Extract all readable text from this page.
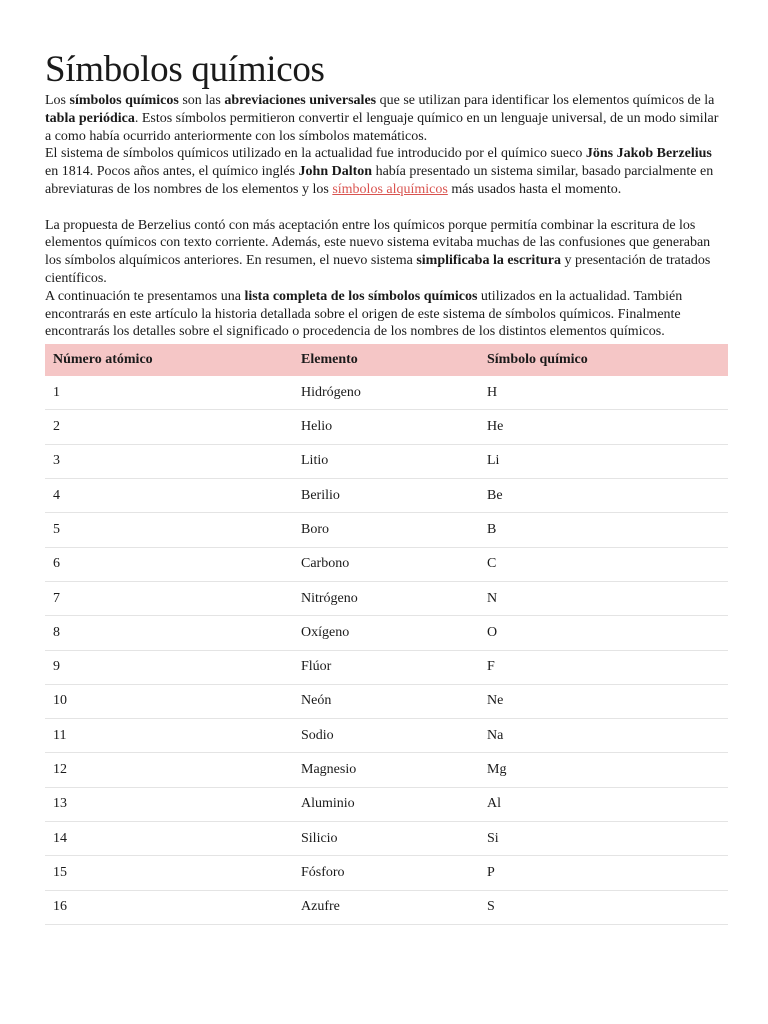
Símbolos químicos

Los símbolos químicos son las abreviaciones universales que se utilizan para identificar los elementos químicos de la tabla periódica. Estos símbolos permitieron convertir el lenguaje químico en un lenguaje universal, de un modo similar a como había ocurrido anteriormente con los símbolos matemáticos.

El sistema de símbolos químicos utilizado en la actualidad fue introducido por el químico sueco Jöns Jakob Berzelius en 1814. Pocos años antes, el químico inglés John Dalton había presentado un sistema similar, basado parcialmente en abreviaturas de los nombres de los elementos y los símbolos alquímicos más usados hasta el momento.

La propuesta de Berzelius contó con más aceptación entre los químicos porque permitía combinar la escritura de los elementos químicos con texto corriente. Además, este nuevo sistema evitaba muchas de las confusiones que generaban los símbolos alquímicos anteriores. En resumen, el nuevo sistema simplificaba la escritura y presentación de tratados científicos.

A continuación te presentamos una lista completa de los símbolos químicos utilizados en la actualidad. También encontrarás en este artículo la historia detallada sobre el origen de este sistema de símbolos químicos. Finalmente encontrarás los detalles sobre el significado o procedencia de los nombres de los distintos elementos químicos.

Número atómico	Elemento	Símbolo químico
1	Hidrógeno	H
2	Helio	He
3	Litio	Li
4	Berilio	Be
5	Boro	B
6	Carbono	C
7	Nitrógeno	N
8	Oxígeno	O
9	Flúor	F
10	Neón	Ne
11	Sodio	Na
12	Magnesio	Mg
13	Aluminio	Al
14	Silicio	Si
15	Fósforo	P
16	Azufre	S
